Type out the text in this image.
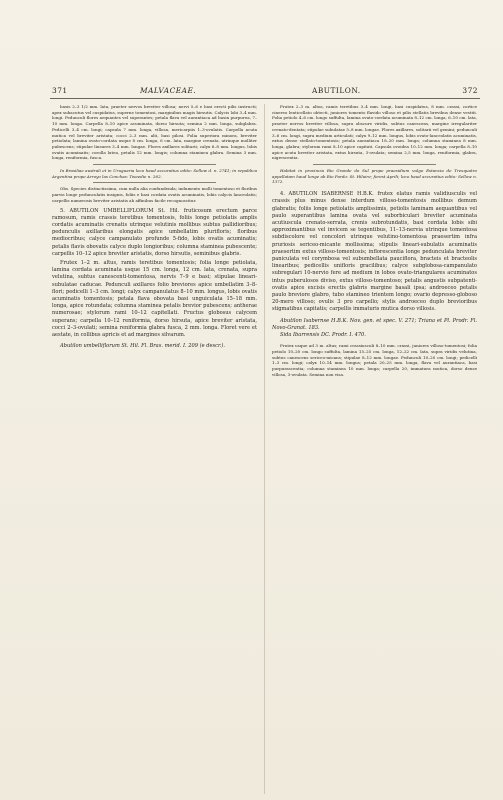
371	MALVACEAE.	ABUTILON.	372

basis 2–3 1/2 mm. lata, praeter nervos breviter villosa; nervi 5–6 e basi erecti pilis instructi; apex subacutus vel cuspidatus, superne tomentosi, marginibus magis hirsutis. Calycis lobi 3–4 mm. longi. Pedunculi flores aequantes vel superantes; petala flava vel aurantiaca ad basin purpurea, 7–10 mm. longa. Carpella 8–10 apice acuminata, dorso hirsuta; semina 2 mm. longa, subglabra. Pedicelli 3–4 cm. longi; capsula 7 mm. longa, villosa, mericarpiis 1–3-ovulatis. Carpella acuta mutica vel breviter aristata; cocci 2–3 mm. alti, basi pilosi. Folia superiora minora, breviter petiolata; lamina ovato-cordata usque 8 cm. longa, 6 cm. lata, margine crenata, utrinque molliter pubescens; stipulae lineares 3–4 mm. longae. Flores axillares solitarii; calyx 6–8 mm. longus, lobis ovatis acuminatis; corolla lutea, petalis 12 mm. longis; columna staminea glabra. Semina 3 mm. longa, reniformia, fusca.

In Brasiliae australi et in Uruguaria loco haud accuratius edito: Sellow d. n. 2741; in republica Argentina prope Arroyo las Conchas: Tweedie n. 262.

Obs. Species distinctissima, cum nulla alia confundenda; indumento molli tomentoso et floribus parvis longe pedunculatis insignis, foliis e basi cordata ovatis acuminatis, lobis calycis lanceolatis; carpellis numerosis breviter aristatis ab affinibus facile recognoscitur.

5. ABUTILON UMBELLIFLORUM St. Hil. fruticosum erectum parce ramosum, ramis crassis teretibus tomentosis, foliis longe petiolatis amplis cordatis acuminatis crenatis utrinque velutinis mollibus subtus pallidioribus; pedunculis axillaribus elongatis apice umbellatim plurifloris; floribus mediocribus; calyce campanulato profunde 5-fido, lobis ovatis acuminatis; petalis flavis obovatis calyce duplo longioribus; columna staminea pubescente; carpellis 10–12 apice breviter aristatis, dorso hirsutis, seminibus glabris.

Frutex 1–2 m. altus, ramis teretibus tomentosis; folia longe petiolata, lamina cordata acuminata usque 15 cm. longa, 12 cm. lata, crenata, supra velutina, subtus canescenti-tomentosa, nervis 7–9 e basi; stipulae lineari-subulatae caducae. Pedunculi axillares folio breviores apice umbellatim 3–8-flori; pedicelli 1–3 cm. longi; calyx campanulatus 8–10 mm. longus, lobis ovatis acuminatis tomentosis; petala flava obovata basi unguiculata 15–18 mm. longa, apice rotundata; columna staminea petalis brevior pubescens; antherae numerosae; stylorum rami 10–12 capitellati. Fructus globosus calycem superans; carpella 10–12 reniformia, dorso hirsuta, apice breviter aristata, cocci 2–3-ovulati; semina reniformia glabra fusca, 2 mm. longa. Floret vere et aestate, in collibus apricis et ad margines silvarum.

Abutilon umbelliflorum St. Hil. Fl. Bras. merid. I. 209 (e descr.).

Frutex 2–3 m. altus, ramis teretibus 3–4 mm. longi, basi cuspidatus, 8 mm. crassi, cortice cinereo lenticellato obtecti, juniores tomento flavido villoso et pilis stellatis brevibus dense vestiti. Folia petiolo 4–6 cm. longo suffulta, lamina ovato-cordata acuminata 8–12 cm. longa, 6–10 cm. lata, praeter nervos breviter villosa, supra obscure viridis, subtus canescens, margine irregulariter crenato-dentata; stipulae subulatae 5–8 mm. longae. Flores axillares, solitarii vel gemini; pedunculi 3–6 cm. longi, supra medium articulati; calyx 9–12 mm. longus, lobis ovato-lanceolatis acuminatis, extus dense stellato-tomentosis; petala aurantiaca 18–20 mm. longa; columna staminea 8 mm. longa, glabra; stylorum rami 8–10 apice capitati. Capsula ovoidea 10–12 mm. longa; carpella 8–10 apice acuta breviter aristata, extus hirsuta, 3-ovulata; semina 2,5 mm. longa, reniformia, glabra, nigrescentia.

Habitat in provincia Rio Grande do Sul prope praesidium vulgo Estancia de Tresquatro appellatam haud longe ab Rio Pardo: St. Hilaire; forest Aprili; loco haud accuratius edito: Sellow n. 1372.

4. ABUTILON ISABERNSE H.B.K. frutex elatus ramis validiusculis vel crassis plus minus dense interdum villoso-tomentosis mollibus demum glabratis; foliis longe petiolatis amplissimis, petiolis laminam aequantibus vel paulo superantibus lamina ovata vel suborbiculari breviter acuminata acutiuscula crenato-serrata, crenis subrotundatis, basi cordata lobis sibi approximantibus vel invicem se tegentibus, 11–13-nervia utrinque tomentosa subdiscolore vel concolori utrinque velutino-tomentosa praesertim infra pruriosis sericeo-micante mollissima; stipulis lineari-subulatis acuminatis praesertim extus villoso-tomentosis; inflorescentia longe pedunculata breviter paniculata vel corymbosa vel subumbellata pauciflora, bracteis et bracteolis linearibus; pedicellis unifloris gracilibus; calyce subglobosa-campanulato subregulari 10-nervio fere ad medium in lobos ovato-triangulares acuminatos intus puberulosos diviso, extus villoso-tomentoso; petalis angustis subpatenti-ovatis apice excisis erectis glabris margine basali ipsa; androeceo petalis paulo breviore glabro, tubo stamineo trientem longo; ovario depresso-globoso 20-mero villoso; ovulis 3 pro carpello; stylis androeceo duplo brevioribus stigmatibus capitatis; carpellis immaturis mutica dorso villosis.

Abutilon Isabernse H.B.K. Nov. gen. et spec. V. 271; Triana et Pl. Prodr. Fl. Novo-Granat. 183.

Sida Ibarrensis DC. Prodr. I. 470.

Frutex usque ad 3 m. altus; rami crassiusculi 8–10 mm. crassi, juniores villoso-tomentosi; folia petiolo 10–20 cm. longo suffulta, lamina 15–25 cm. longa, 12–22 cm. lata, supra viridis velutina, subtus canescens sericeo-micans; stipulae 8–12 mm. longae. Pedunculi 10–20 cm. longi; pedicelli 1–3 cm. longi; calyx 10–14 mm. longus; petala 20–25 mm. longa, flava vel aurantiaca, basi purpurascentia; columna staminea 10 mm. longa; carpella 20, immatura mutica, dorso dense villosa, 3-ovulata. Semina non visa.
